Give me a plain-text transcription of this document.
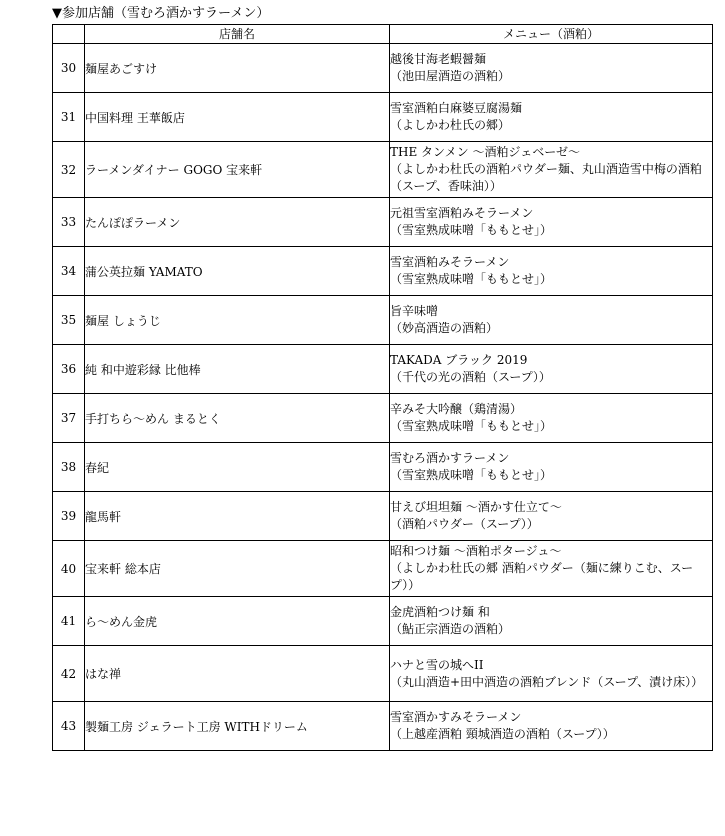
▼参加店舗（雪むろ酒かすラーメン）
	店舗名	メニュー（酒粕）
30	麺屋あごすけ	越後甘海老蝦醤麺
（池田屋酒造の酒粕）

31	中国料理 王華飯店	雪室酒粕白麻婆豆腐湯麺
（よしかわ杜氏の郷）

32	ラーメンダイナー GOGO 宝来軒	THE タンメン ～酒粕ジェベーゼ～
（よしかわ杜氏の酒粕パウダー麺、丸山酒造雪中梅の酒粕（スープ、香味油））

33	たんぽぽラーメン	元祖雪室酒粕みそラーメン
（雪室熟成味噌「ももとせ」）

34	蒲公英拉麺 YAMATO	雪室酒粕みそラーメン
（雪室熟成味噌「ももとせ」）

35	麺屋 しょうじ	旨辛味噌
（妙高酒造の酒粕）

36	純 和中遊彩縁 比他棒	TAKADA ブラック 2019
（千代の光の酒粕（スープ））

37	手打ちら～めん まるとく	辛みそ大吟醸（鶏清湯）
（雪室熟成味噌「ももとせ」）

38	春紀	雪むろ酒かすラーメン
（雪室熟成味噌「ももとせ」）

39	龍馬軒	甘えび坦坦麺 ～酒かす仕立て～
（酒粕パウダー（スープ））

40	宝来軒 総本店	昭和つけ麺 ～酒粕ポタージュ～
（よしかわ杜氏の郷 酒粕パウダー（麺に練りこむ、スープ））

41	ら～めん金虎	金虎酒粕つけ麺 和
（鮎正宗酒造の酒粕）

42	はな禅	ハナと雪の城へII
（丸山酒造+田中酒造の酒粕ブレンド（スープ、漬け床））

43	製麺工房 ジェラート工房 WITHドリーム	雪室酒かすみそラーメン
（上越産酒粕 頸城酒造の酒粕（スープ））
